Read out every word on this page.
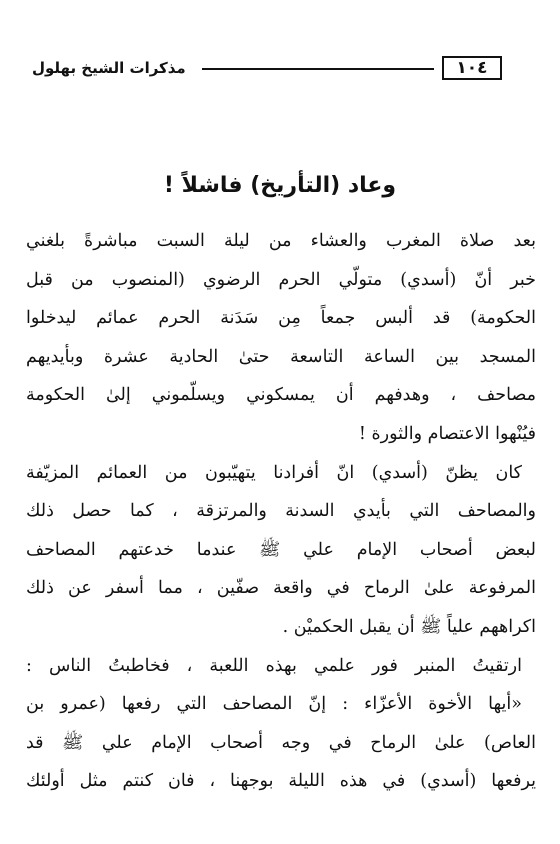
١٠٤
مذكرات الشيخ بهلول
وعاد (التأريخ) فاشلاً !
بعد صلاة المغرب والعشاء من ليلة السبت مباشرةً بلغني
خبر أنّ (أسدي) متولّي الحرم الرضوي (المنصوب من قبل
الحكومة) قد ألبس جمعاً مِن سَدَنة الحرم عمائم ليدخلوا
المسجد بين الساعة التاسعة حتىٰ الحادية عشرة وبأيديهم
مصاحف ، وهدفهم أن يمسكوني ويسلّموني إلىٰ الحكومة
فيُنْهوا الاعتصام والثورة !
كان يظنّ (أسدي) انّ أفرادنا يتهيّبون من العمائم المزيّفة
والمصاحف التي بأيدي السدنة والمرتزقة ، كما حصل ذلك
لبعض أصحاب الإمام علي ﷺ عندما خدعتهم المصاحف
المرفوعة علىٰ الرماح في واقعة صفّين ، مما أسفر عن ذلك
اكراههم علياً ﷺ أن يقبل الحكميْن .
ارتقيتُ المنبر فور علمي بهذه اللعبة ، فخاطبتُ الناس :
«أيها الأخوة الأعزّاء : إنّ المصاحف التي رفعها (عمرو بن
العاص) علىٰ الرماح في وجه أصحاب الإمام علي ﷺ قد
يرفعها (أسدي) في هذه الليلة بوجهنا ، فان كنتم مثل أولئك
